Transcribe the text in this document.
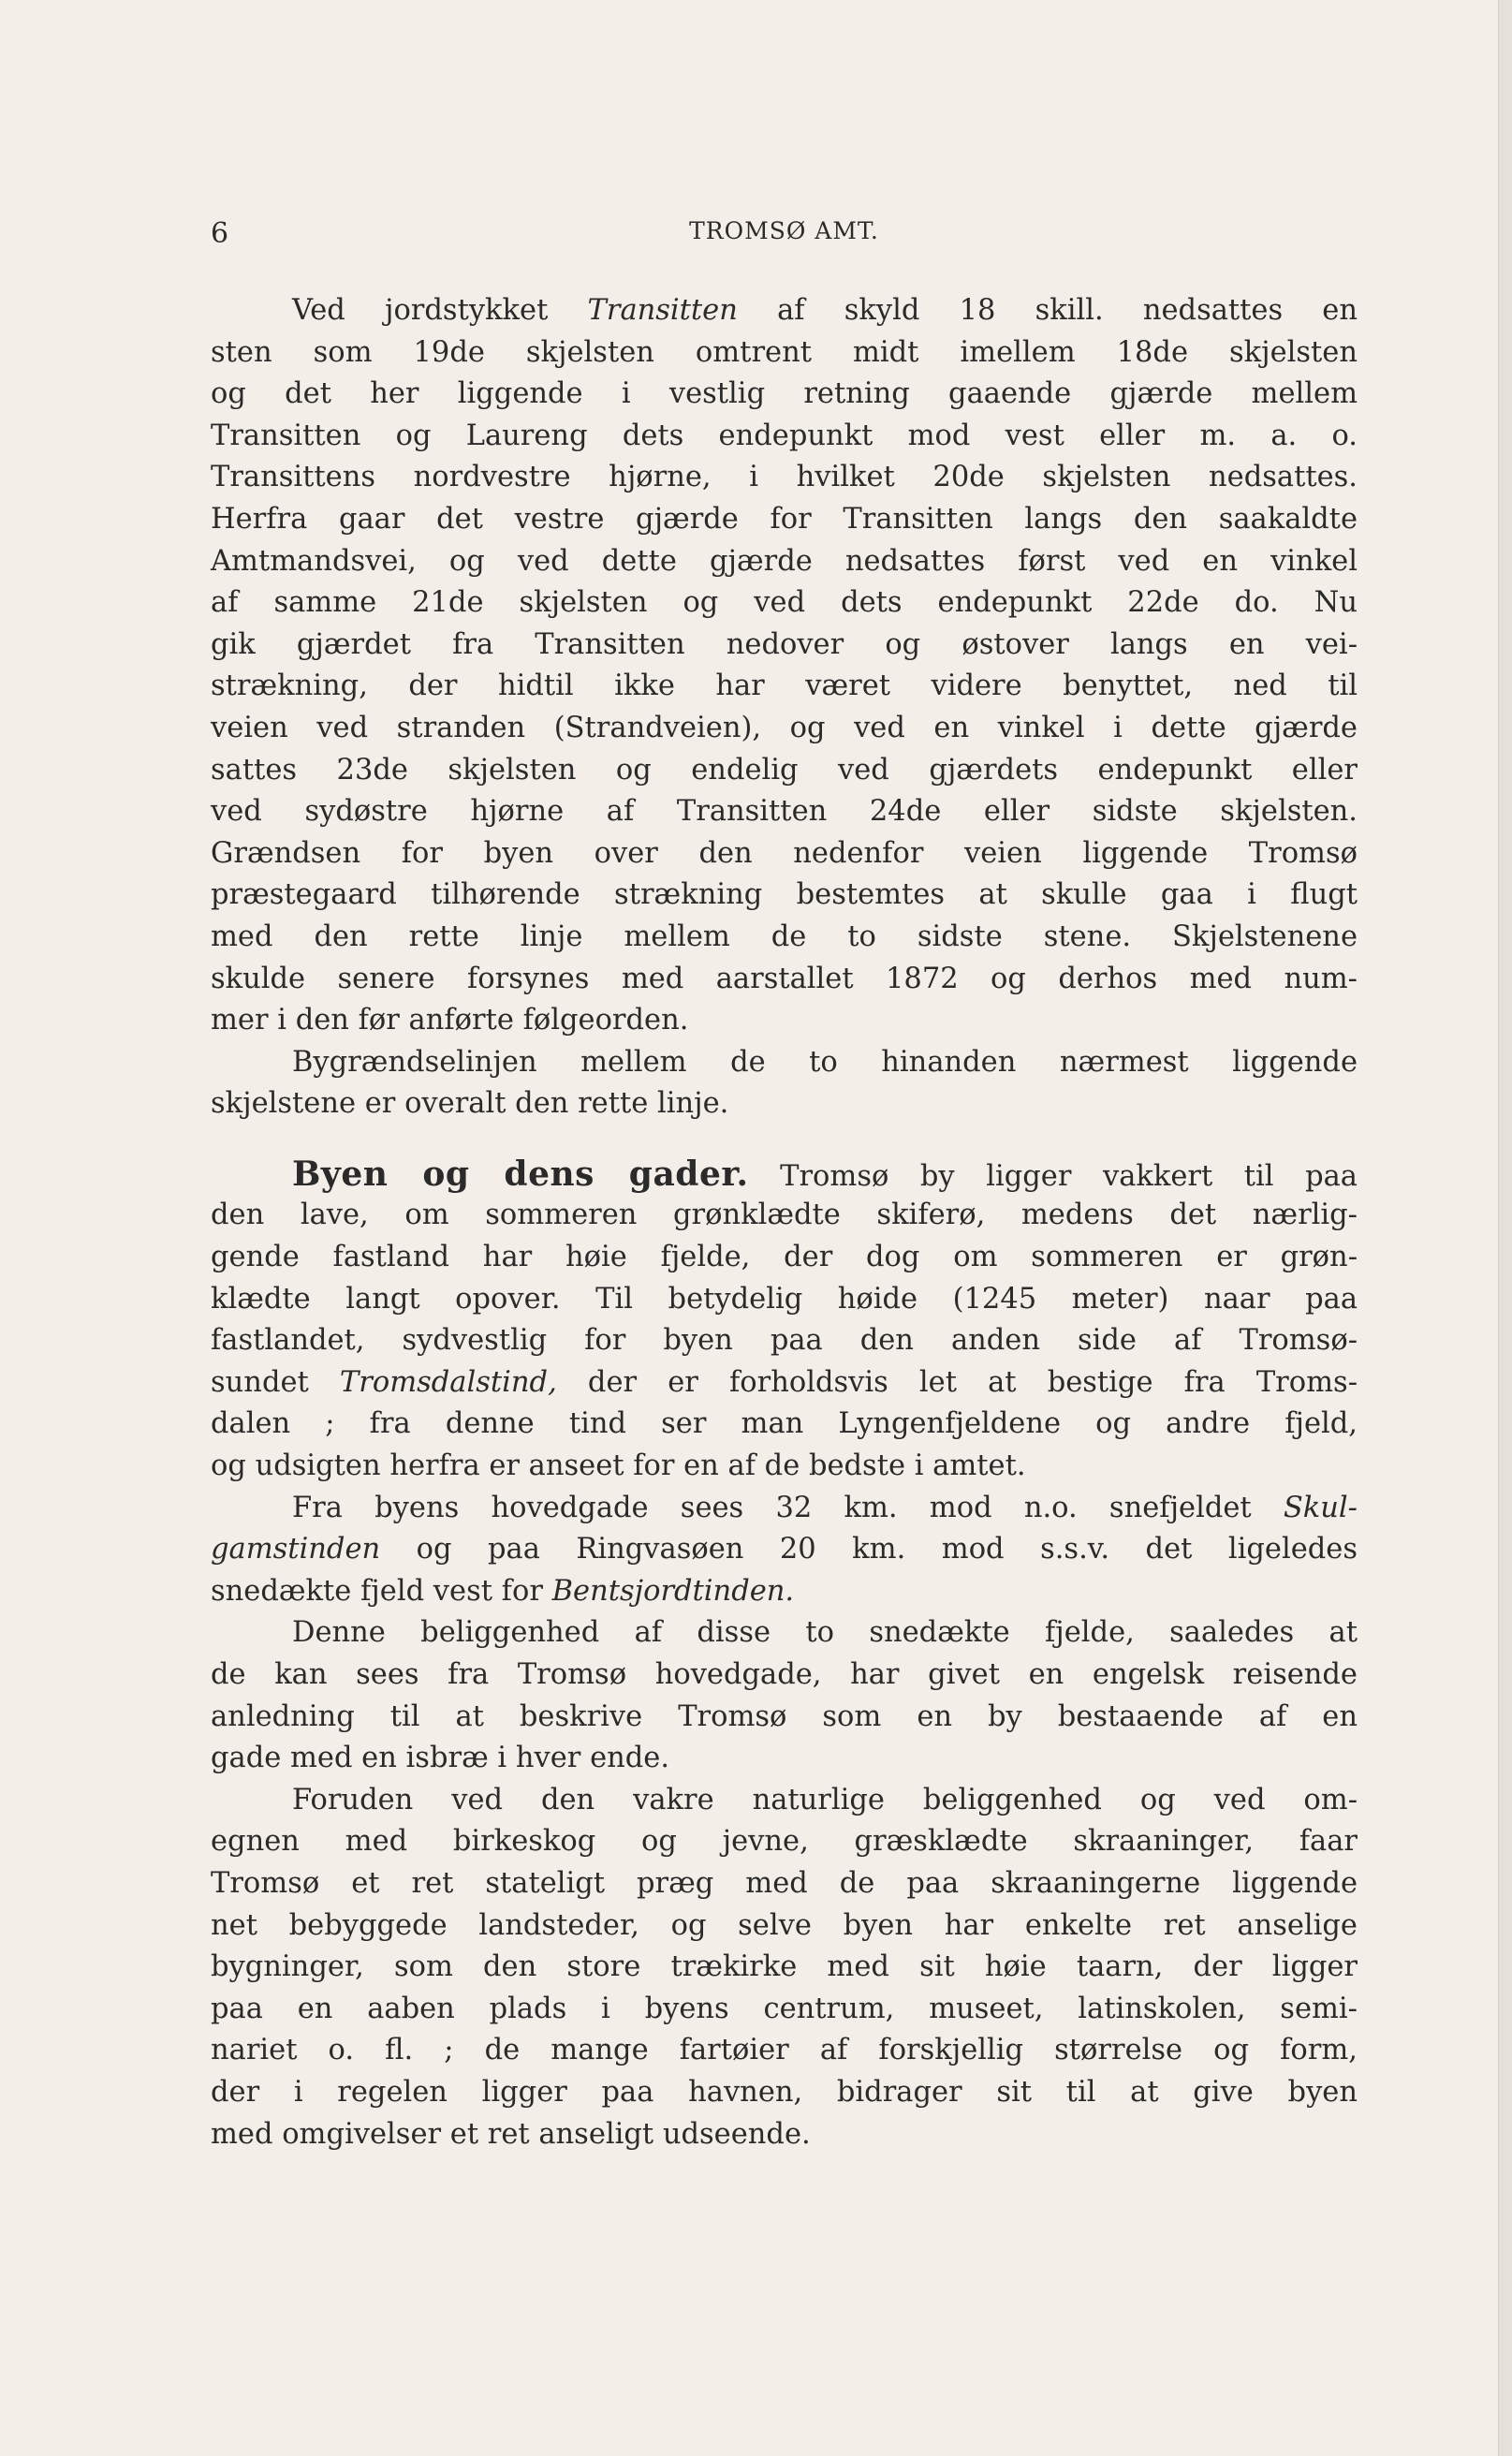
6	TROMSØ AMT.
Ved jordstykket Transitten af skyld 18 skill. nedsattes en
sten som 19de skjelsten omtrent midt imellem 18de skjelsten
og det her liggende i vestlig retning gaaende gjærde mellem
Transitten og Laureng dets endepunkt mod vest eller m. a. o.
Transittens nordvestre hjørne, i hvilket 20de skjelsten nedsattes.
Herfra gaar det vestre gjærde for Transitten langs den saakaldte
Amtmandsvei, og ved dette gjærde nedsattes først ved en vinkel
af samme 21de skjelsten og ved dets endepunkt 22de do. Nu
gik gjærdet fra Transitten nedover og østover langs en vei-
strækning, der hidtil ikke har været videre benyttet, ned til
veien ved stranden (Strandveien), og ved en vinkel i dette gjærde
sattes 23de skjelsten og endelig ved gjærdets endepunkt eller
ved sydøstre hjørne af Transitten 24de eller sidste skjelsten.
Grændsen for byen over den nedenfor veien liggende Tromsø
præstegaard tilhørende strækning bestemtes at skulle gaa i flugt
med den rette linje mellem de to sidste stene. Skjelstenene
skulde senere forsynes med aarstallet 1872 og derhos med num-
mer i den før anførte følgeorden.
Bygrændselinjen mellem de to hinanden nærmest liggende
skjelstene er overalt den rette linje.
Byen og dens gader. Tromsø by ligger vakkert til paa
den lave, om sommeren grønklædte skiferø, medens det nærlig-
gende fastland har høie fjelde, der dog om sommeren er grøn-
klædte langt opover. Til betydelig høide (1245 meter) naar paa
fastlandet, sydvestlig for byen paa den anden side af Tromsø-
sundet Tromsdalstind, der er forholdsvis let at bestige fra Troms-
dalen ; fra denne tind ser man Lyngenfjeldene og andre fjeld,
og udsigten herfra er anseet for en af de bedste i amtet.
Fra byens hovedgade sees 32 km. mod n.o. snefjeldet Skul-
gamstinden og paa Ringvasøen 20 km. mod s.s.v. det ligeledes
snedækte fjeld vest for Bentsjordtinden.
Denne beliggenhed af disse to snedækte fjelde, saaledes at
de kan sees fra Tromsø hovedgade, har givet en engelsk reisende
anledning til at beskrive Tromsø som en by bestaaende af en
gade med en isbræ i hver ende.
Foruden ved den vakre naturlige beliggenhed og ved om-
egnen med birkeskog og jevne, græsklædte skraaninger, faar
Tromsø et ret stateligt præg med de paa skraaningerne liggende
net bebyggede landsteder, og selve byen har enkelte ret anselige
bygninger, som den store trækirke med sit høie taarn, der ligger
paa en aaben plads i byens centrum, museet, latinskolen, semi-
nariet o. fl. ; de mange fartøier af forskjellig størrelse og form,
der i regelen ligger paa havnen, bidrager sit til at give byen
med omgivelser et ret anseligt udseende.
